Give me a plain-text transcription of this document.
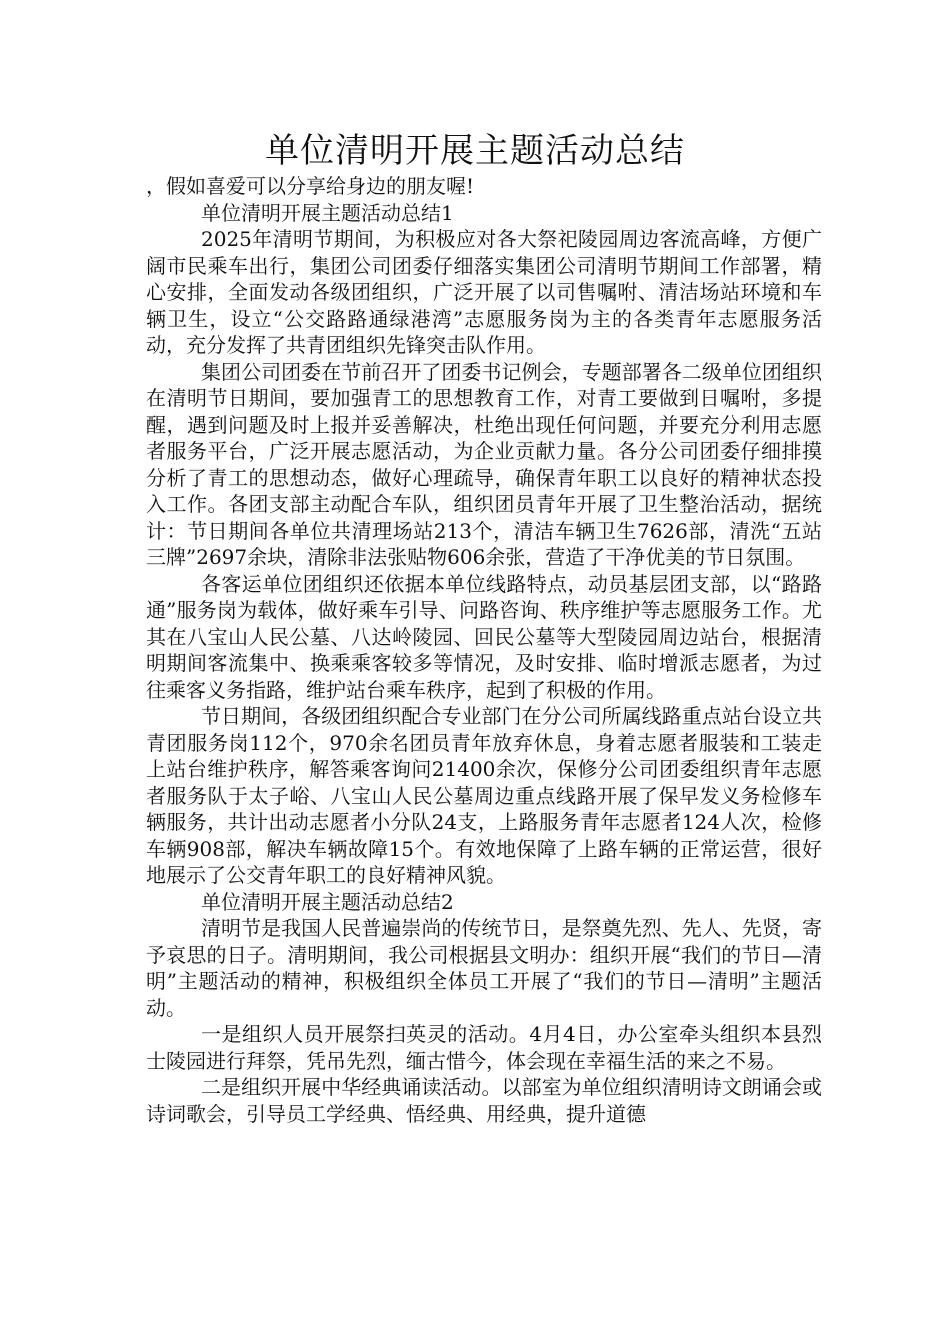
单位清明开展主题活动总结

，假如喜爱可以分享给身边的朋友喔!

单位清明开展主题活动总结1

2025年清明节期间，为积极应对各大祭祀陵园周边客流高峰，方便广阔市民乘车出行，集团公司团委仔细落实集团公司清明节期间工作部署，精心安排，全面发动各级团组织，广泛开展了以司售嘱咐、清洁场站环境和车辆卫生，设立“公交路路通绿港湾”志愿服务岗为主的各类青年志愿服务活动，充分发挥了共青团组织先锋突击队作用。

集团公司团委在节前召开了团委书记例会，专题部署各二级单位团组织在清明节日期间，要加强青工的思想教育工作，对青工要做到日嘱咐，多提醒，遇到问题及时上报并妥善解决，杜绝出现任何问题，并要充分利用志愿者服务平台，广泛开展志愿活动，为企业贡献力量。各分公司团委仔细排摸分析了青工的思想动态，做好心理疏导，确保青年职工以良好的精神状态投入工作。各团支部主动配合车队，组织团员青年开展了卫生整治活动，据统计：节日期间各单位共清理场站213个，清洁车辆卫生7626部，清洗“五站三牌”2697余块，清除非法张贴物606余张，营造了干净优美的节日氛围。

各客运单位团组织还依据本单位线路特点，动员基层团支部，以“路路通”服务岗为载体，做好乘车引导、问路咨询、秩序维护等志愿服务工作。尤其在八宝山人民公墓、八达岭陵园、回民公墓等大型陵园周边站台，根据清明期间客流集中、换乘乘客较多等情况，及时安排、临时增派志愿者，为过往乘客义务指路，维护站台乘车秩序，起到了积极的作用。

节日期间，各级团组织配合专业部门在分公司所属线路重点站台设立共青团服务岗112个，970余名团员青年放弃休息，身着志愿者服装和工装走上站台维护秩序，解答乘客询问21400余次，保修分公司团委组织青年志愿者服务队于太子峪、八宝山人民公墓周边重点线路开展了保早发义务检修车辆服务，共计出动志愿者小分队24支，上路服务青年志愿者124人次，检修车辆908部，解决车辆故障15个。有效地保障了上路车辆的正常运营，很好地展示了公交青年职工的良好精神风貌。

单位清明开展主题活动总结2

清明节是我国人民普遍崇尚的传统节日，是祭奠先烈、先人、先贤，寄予哀思的日子。清明期间，我公司根据县文明办：组织开展“我们的节日—清明”主题活动的精神，积极组织全体员工开展了“我们的节日—清明”主题活动。

一是组织人员开展祭扫英灵的活动。4月4日，办公室牵头组织本县烈士陵园进行拜祭，凭吊先烈，缅古惜今，体会现在幸福生活的来之不易。

二是组织开展中华经典诵读活动。以部室为单位组织清明诗文朗诵会或诗词歌会，引导员工学经典、悟经典、用经典，提升道德
